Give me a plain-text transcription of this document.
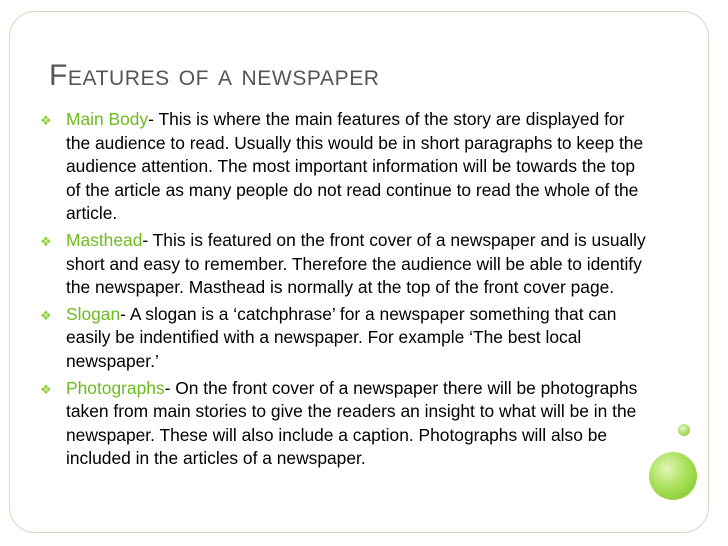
Features of a newspaper
❖ Main Body- This is where the main features of the story are displayed for the audience to read. Usually this would be in short paragraphs to keep the audience attention. The most important information will be towards the top of the article as many people do not read continue to read the whole of the article.
❖ Masthead- This is featured on the front cover of a newspaper and is usually short and easy to remember. Therefore the audience will be able to identify the newspaper. Masthead is normally at the top of the front cover page.
❖ Slogan- A slogan is a ‘catchphrase’ for a newspaper something that can easily be indentified with a newspaper. For example ‘The best local newspaper.’
❖ Photographs- On the front cover of a newspaper there will be photographs taken from main stories to give the readers an insight to what will be in the newspaper. These will also include a caption. Photographs will also be included in the articles of a newspaper.
